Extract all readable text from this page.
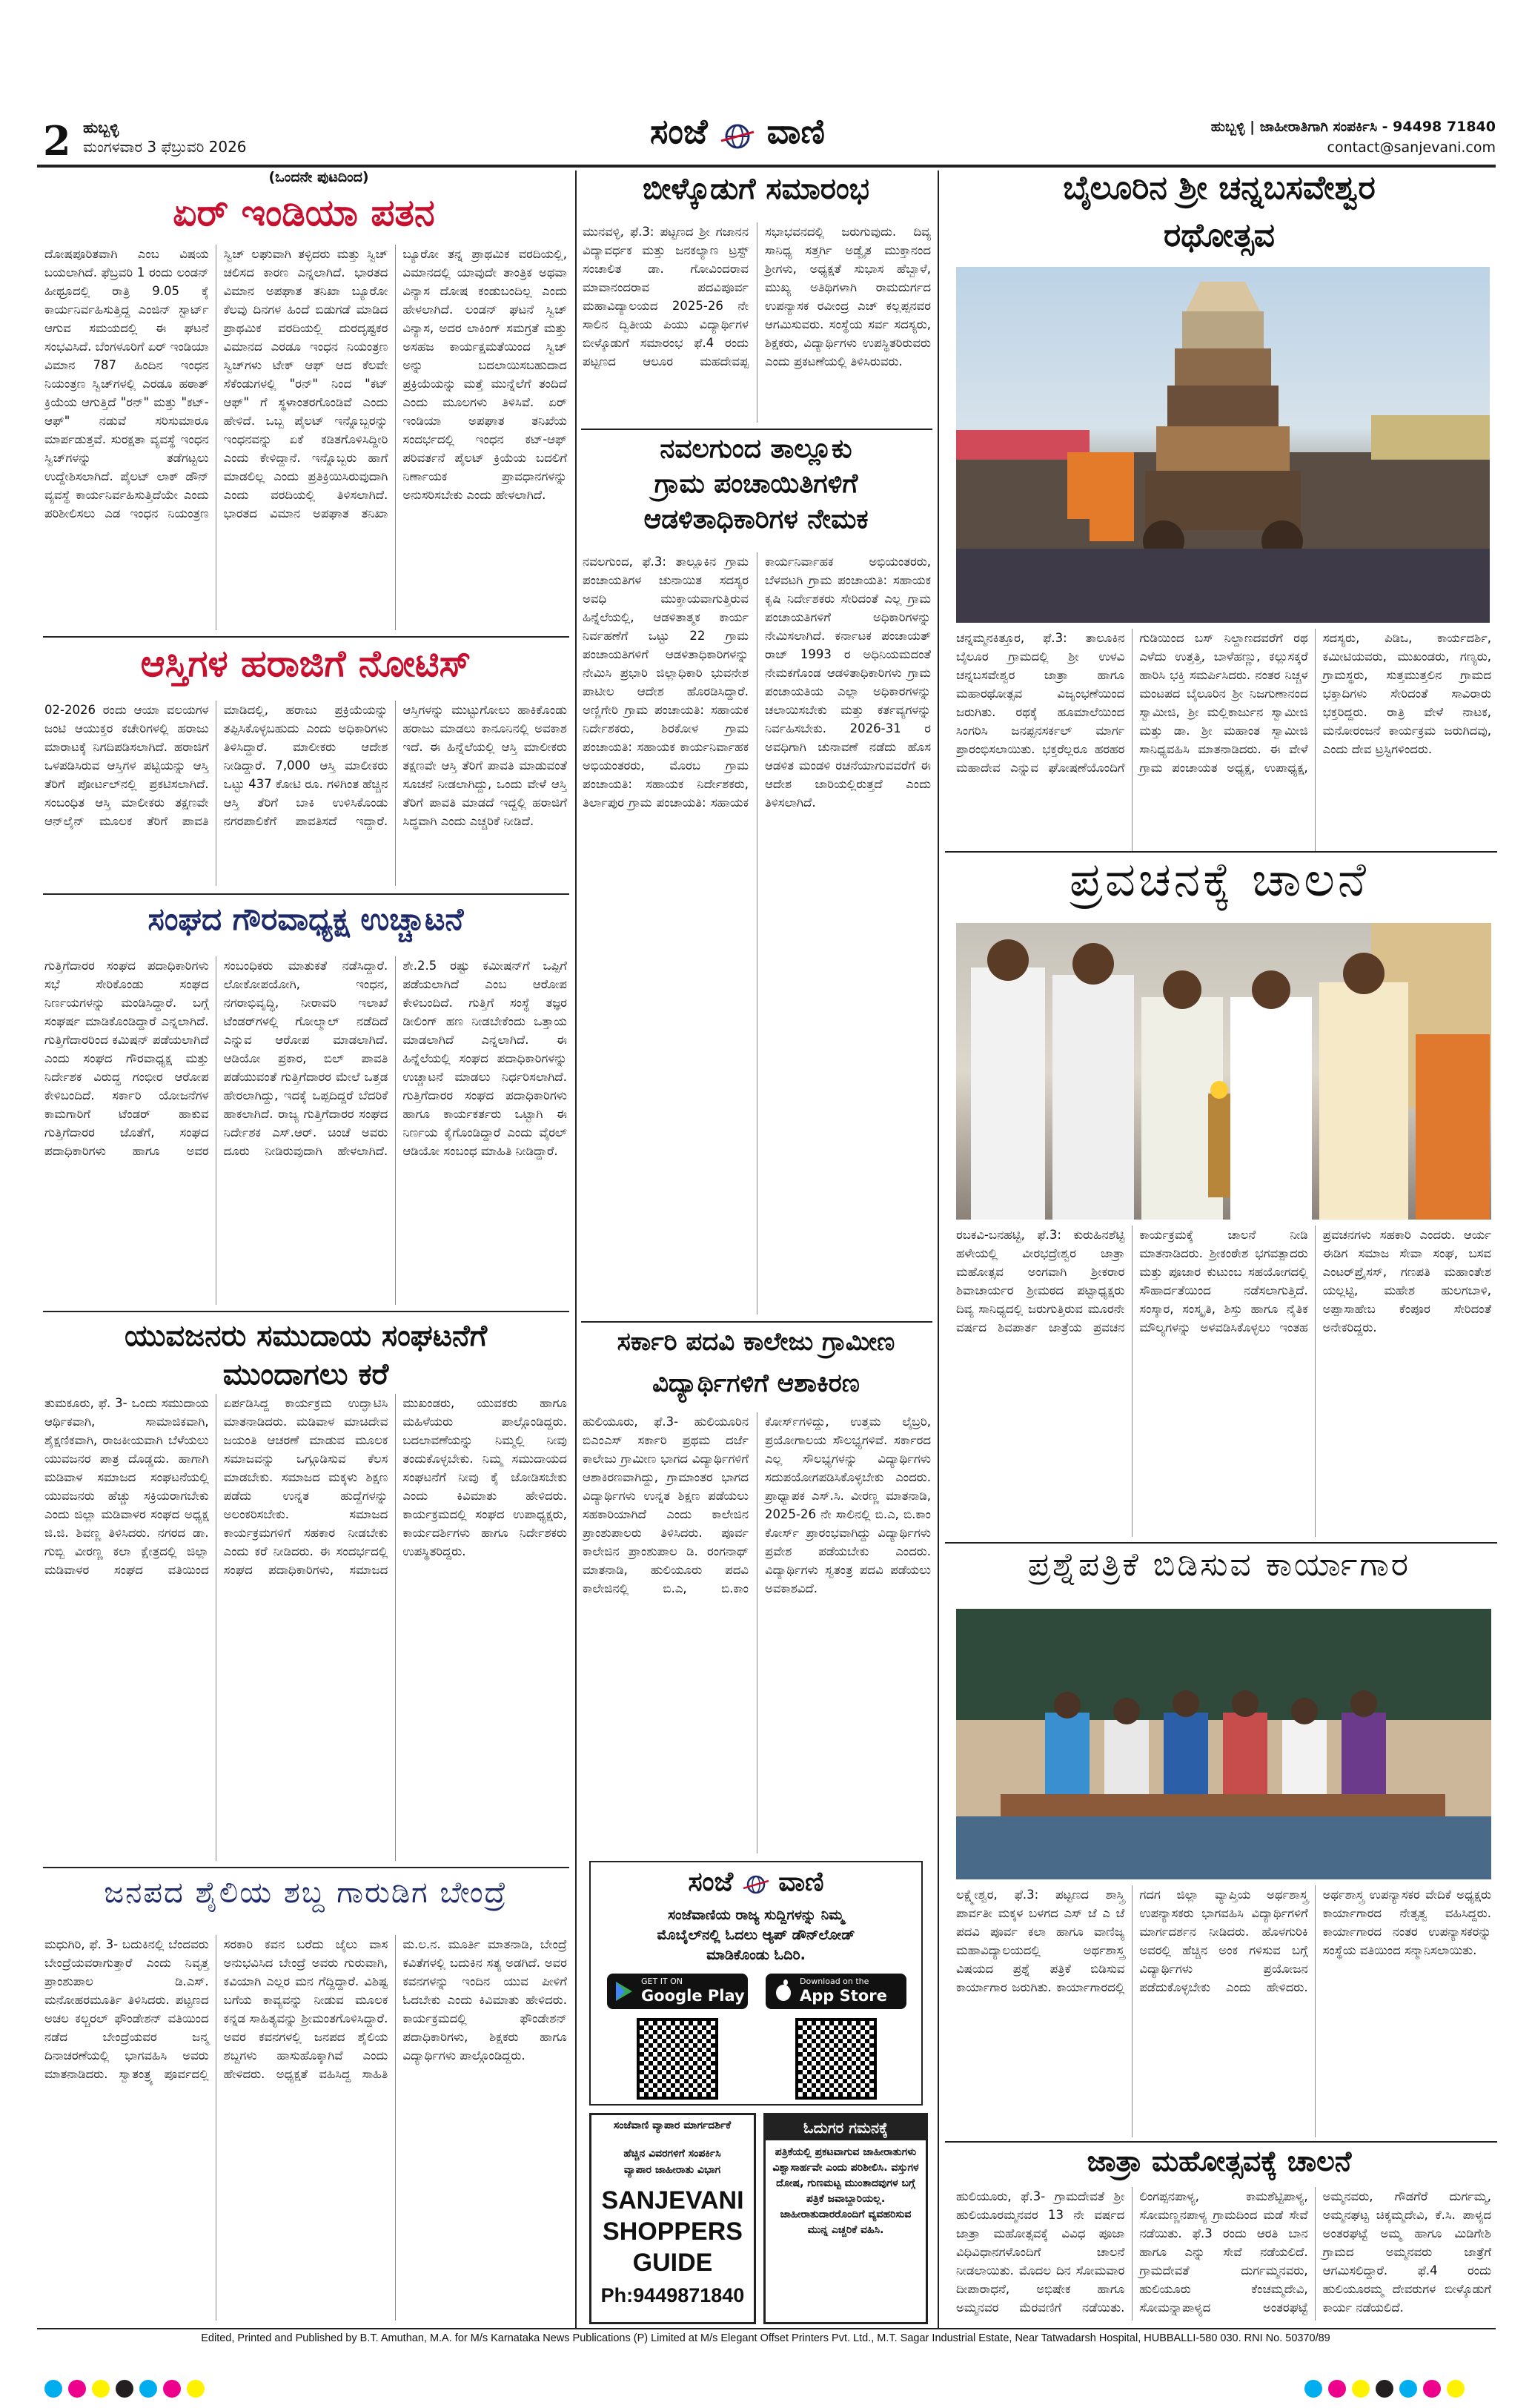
2 ಹುಬ್ಬಳ್ಳಿ
ಮಂಗಳವಾರ 3 ಫೆಬ್ರುವರಿ 2026	ಸಂಜೆ ವಾಣಿ	ಹುಬ್ಬಳ್ಳಿ | ಜಾಹೀರಾತಿಗಾಗಿ ಸಂಪರ್ಕಿಸಿ - 94498 71840
contact@sanjevani.com
(ಒಂದನೇ ಪುಟದಿಂದ)
ಏರ್ ಇಂಡಿಯಾ ಪತನ
ದೋಷಪೂರಿತವಾಗಿ ಎಂಬ ವಿಷಯ ಬಯಲಾಗಿದೆ. ಫೆಬ್ರವರಿ 1 ರಂದು ಲಂಡನ್ ಹೀಥ್ರೂದಲ್ಲಿ ರಾತ್ರಿ 9.05 ಕ್ಕೆ ಕಾರ್ಯನಿರ್ವಹಿಸುತ್ತಿದ್ದ ಎಂಜಿನ್ ಸ್ಟಾರ್ಟ್ ಆಗುವ ಸಮಯದಲ್ಲಿ ಈ ಘಟನೆ ಸಂಭವಿಸಿದೆ. ಬೆಂಗಳೂರಿಗೆ ಏರ್ ಇಂಡಿಯಾ ವಿಮಾನ 787 ಹಿಂದಿನ ಇಂಧನ ನಿಯಂತ್ರಣ ಸ್ವಿಚ್‌ಗಳಲ್ಲಿ ಎರಡೂ ಹಠಾತ್ ಕ್ರಿಯೆಯ ಆಗುತ್ತಿದೆ "ರನ್" ಮತ್ತು "ಕಟ್-ಆಫ್" ನಡುವೆ ಸರಿಸುಮಾರೂ ಮಾರ್ಪಡುತ್ತವೆ. ಸುರಕ್ಷತಾ ವ್ಯವಸ್ಥೆ ಇಂಧನ ಸ್ವಿಚ್‌ಗಳನ್ನು ತಡೆಗಟ್ಟಲು ಉದ್ದೇಶಿಸಲಾಗಿದೆ. ಪೈಲಟ್ ಲಾಕ್ ಡೌನ್ ವ್ಯವಸ್ಥೆ ಕಾರ್ಯನಿರ್ವಹಿಸುತ್ತಿದೆಯೇ ಎಂದು ಪರಿಶೀಲಿಸಲು ಎಡ ಇಂಧನ ನಿಯಂತ್ರಣ ಸ್ವಿಚ್ ಲಘುವಾಗಿ ತಳ್ಳಿದರು ಮತ್ತು ಸ್ವಿಚ್ ಚಲಿಸದ ಕಾರಣ ಎನ್ನಲಾಗಿದೆ. ಭಾರತದ ವಿಮಾನ ಅಪಘಾತ ತನಿಖಾ ಬ್ಯೂರೋ ಕೆಲವು ದಿನಗಳ ಹಿಂದೆ ಬಿಡುಗಡೆ ಮಾಡಿದ ಪ್ರಾಥಮಿಕ ವರದಿಯಲ್ಲಿ ದುರದೃಷ್ಟಕರ ವಿಮಾನದ ಎರಡೂ ಇಂಧನ ನಿಯಂತ್ರಣ ಸ್ವಿಚ್‌ಗಳು ಟೇಕ್ ಆಫ್ ಆದ ಕೆಲವೇ ಸೆಕೆಂಡುಗಳಲ್ಲಿ "ರನ್" ನಿಂದ "ಕಟ್ ಆಫ್" ಗೆ ಸ್ಥಳಾಂತರಗೊಂಡಿವೆ ಎಂದು ಹೇಳಿದೆ. ಒಬ್ಬ ಪೈಲಟ್ ಇನ್ನೊಬ್ಬರನ್ನು ಇಂಧನವನ್ನು ಏಕೆ ಕಡಿತಗೊಳಿಸಿದ್ದೀರಿ ಎಂದು ಕೇಳಿದ್ದಾನೆ. ಇನ್ನೊಬ್ಬರು ಹಾಗೆ ಮಾಡಲಿಲ್ಲ ಎಂದು ಪ್ರತಿಕ್ರಿಯಿಸಿರುವುದಾಗಿ ಎಂದು ವರದಿಯಲ್ಲಿ ತಿಳಿಸಲಾಗಿದೆ. ಭಾರತದ ವಿಮಾನ ಅಪಘಾತ ತನಿಖಾ ಬ್ಯೂರೋ ತನ್ನ ಪ್ರಾಥಮಿಕ ವರದಿಯಲ್ಲಿ, ವಿಮಾನದಲ್ಲಿ ಯಾವುದೇ ತಾಂತ್ರಿಕ ಅಥವಾ ವಿನ್ಯಾಸ ದೋಷ ಕಂಡುಬಂದಿಲ್ಲ ಎಂದು ಹೇಳಲಾಗಿದೆ. ಲಂಡನ್ ಘಟನೆ ಸ್ವಿಚ್ ವಿನ್ಯಾಸ, ಅದರ ಲಾಕಿಂಗ್ ಸಮಗ್ರತೆ ಮತ್ತು ಅಸಹಜ ಕಾರ್ಯಕ್ಷಮತೆಯಿಂದ ಸ್ವಿಚ್ ಅನ್ನು ಬದಲಾಯಿಸಬಹುದಾದ ಪ್ರಕ್ರಿಯೆಯನ್ನು ಮತ್ತೆ ಮುನ್ನೆಲೆಗೆ ತಂದಿದೆ ಎಂದು ಮೂಲಗಳು ತಿಳಿಸಿವೆ. ಏರ್ ಇಂಡಿಯಾ ಅಪಘಾತ ತನಿಖೆಯ ಸಂದರ್ಭದಲ್ಲಿ ಇಂಧನ ಕಟ್-ಆಫ್ ಪರಿವರ್ತನೆ ಪೈಲಟ್ ಕ್ರಿಯೆಯ ಬದಲಿಗೆ ನಿರ್ಣಾಯಕ ಪ್ರಾವಧಾನಗಳನ್ನು ಅನುಸರಿಸಬೇಕು ಎಂದು ಹೇಳಲಾಗಿದೆ.
ಆಸ್ತಿಗಳ ಹರಾಜಿಗೆ ನೋಟಿಸ್
02-2026 ರಂದು ಆಯಾ ವಲಯಗಳ ಜಂಟಿ ಆಯುಕ್ತರ ಕಚೇರಿಗಳಲ್ಲಿ ಹರಾಜು ಮಾರಾಟಕ್ಕೆ ನಿಗದಿಪಡಿಸಲಾಗಿದೆ. ಹರಾಜಿಗೆ ಒಳಪಡಿಸಿರುವ ಆಸ್ತಿಗಳ ಪಟ್ಟಿಯನ್ನು ಆಸ್ತಿ ತೆರಿಗೆ ಪೋರ್ಟಲ್‌ನಲ್ಲಿ ಪ್ರಕಟಿಸಲಾಗಿದೆ. ಸಂಬಂಧಿತ ಆಸ್ತಿ ಮಾಲೀಕರು ತಕ್ಷಣವೇ ಆನ್‌ಲೈನ್ ಮೂಲಕ ತೆರಿಗೆ ಪಾವತಿ ಮಾಡಿದಲ್ಲಿ, ಹರಾಜು ಪ್ರಕ್ರಿಯೆಯನ್ನು ತಪ್ಪಿಸಿಕೊಳ್ಳಬಹುದು ಎಂದು ಅಧಿಕಾರಿಗಳು ತಿಳಿಸಿದ್ದಾರೆ. ಮಾಲೀಕರು ಆದೇಶ ನೀಡಿದ್ದಾರೆ. 7,000 ಆಸ್ತಿ ಮಾಲೀಕರು ಒಟ್ಟು 437 ಕೋಟಿ ರೂ. ಗಳಿಗಿಂತ ಹೆಚ್ಚಿನ ಆಸ್ತಿ ತೆರಿಗೆ ಬಾಕಿ ಉಳಿಸಿಕೊಂಡು ನಗರಪಾಲಿಕೆಗೆ ಪಾವತಿಸದೆ ಇದ್ದಾರೆ. ಆಸ್ತಿಗಳನ್ನು ಮುಟ್ಟುಗೋಲು ಹಾಕಿಕೊಂಡು ಹರಾಜು ಮಾಡಲು ಕಾನೂನಿನಲ್ಲಿ ಅವಕಾಶ ಇದೆ. ಈ ಹಿನ್ನೆಲೆಯಲ್ಲಿ ಆಸ್ತಿ ಮಾಲೀಕರು ತಕ್ಷಣವೇ ಆಸ್ತಿ ತೆರಿಗೆ ಪಾವತಿ ಮಾಡುವಂತೆ ಸೂಚನೆ ನೀಡಲಾಗಿದ್ದು, ಒಂದು ವೇಳೆ ಆಸ್ತಿ ತೆರಿಗೆ ಪಾವತಿ ಮಾಡದೆ ಇದ್ದಲ್ಲಿ ಹರಾಜಿಗೆ ಸಿದ್ಧವಾಗಿ ಎಂದು ಎಚ್ಚರಿಕೆ ನೀಡಿದೆ.
ಸಂಘದ ಗೌರವಾಧ್ಯಕ್ಷ ಉಚ್ಚಾಟನೆ
ಗುತ್ತಿಗೆದಾರರ ಸಂಘದ ಪದಾಧಿಕಾರಿಗಳು ಸಭೆ ಸೇರಿಕೊಂಡು ಸಂಘದ ನಿರ್ಣಯಗಳನ್ನು ಮಂಡಿಸಿದ್ದಾರೆ. ಬಗ್ಗೆ ಸಂಘರ್ಷ ಮಾಡಿಕೊಂಡಿದ್ದಾರೆ ಎನ್ನಲಾಗಿದೆ. ಗುತ್ತಿಗೆದಾರರಿಂದ ಕಮಿಷನ್ ಪಡೆಯಲಾಗಿದೆ ಎಂದು ಸಂಘದ ಗೌರವಾಧ್ಯಕ್ಷ ಮತ್ತು ನಿರ್ದೇಶಕ ವಿರುದ್ಧ ಗಂಭೀರ ಆರೋಪ ಕೇಳಿಬಂದಿದೆ. ಸರ್ಕಾರಿ ಯೋಜನೆಗಳ ಕಾಮಗಾರಿಗೆ ಟೆಂಡರ್ ಹಾಕುವ ಗುತ್ತಿಗೆದಾರರ ಜೊತೆಗೆ, ಸಂಘದ ಪದಾಧಿಕಾರಿಗಳು ಹಾಗೂ ಅವರ ಸಂಬಂಧಿಕರು ಮಾತುಕತೆ ನಡೆಸಿದ್ದಾರೆ. ಲೋಕೋಪಯೋಗಿ, ಇಂಧನ, ನಗರಾಭಿವೃದ್ಧಿ, ನೀರಾವರಿ ಇಲಾಖೆ ಟೆಂಡರ್‌ಗಳಲ್ಲಿ ಗೋಲ್ಮಾಲ್ ನಡೆದಿದೆ ಎನ್ನುವ ಆರೋಪ ಮಾಡಲಾಗಿದೆ. ಆಡಿಯೋ ಪ್ರಕಾರ, ಬಿಲ್ ಪಾವತಿ ಪಡೆಯುವಂತೆ ಗುತ್ತಿಗೆದಾರರ ಮೇಲೆ ಒತ್ತಡ ಹೇರಲಾಗಿದ್ದು, ಇದಕ್ಕೆ ಒಪ್ಪದಿದ್ದರೆ ಬೆದರಿಕೆ ಹಾಕಲಾಗಿದೆ. ರಾಜ್ಯ ಗುತ್ತಿಗೆದಾರರ ಸಂಘದ ನಿರ್ದೇಶಕ ಎಸ್.ಆರ್. ಚಿಂಚೆ ಅವರು ದೂರು ನೀಡಿರುವುದಾಗಿ ಹೇಳಲಾಗಿದೆ. ಶೇ.2.5 ರಷ್ಟು ಕಮೀಷನ್‌ಗೆ ಒಪ್ಪಿಗೆ ಪಡೆಯಲಾಗಿದೆ ಎಂಬ ಆರೋಪ ಕೇಳಿಬಂದಿದೆ. ಗುತ್ತಿಗೆ ಸಂಸ್ಥೆ ತಜ್ಞರ ಡೀಲಿಂಗ್ ಹಣ ನೀಡಬೇಕೆಂದು ಒತ್ತಾಯ ಮಾಡಲಾಗಿದೆ ಎನ್ನಲಾಗಿದೆ. ಈ ಹಿನ್ನೆಲೆಯಲ್ಲಿ ಸಂಘದ ಪದಾಧಿಕಾರಿಗಳನ್ನು ಉಚ್ಚಾಟನೆ ಮಾಡಲು ನಿರ್ಧರಿಸಲಾಗಿದೆ. ಗುತ್ತಿಗೆದಾರರ ಸಂಘದ ಪದಾಧಿಕಾರಿಗಳು ಹಾಗೂ ಕಾರ್ಯಕರ್ತರು ಒಟ್ಟಾಗಿ ಈ ನಿರ್ಣಯ ಕೈಗೊಂಡಿದ್ದಾರೆ ಎಂದು ವೈರಲ್ ಆಡಿಯೋ ಸಂಬಂಧ ಮಾಹಿತಿ ನೀಡಿದ್ದಾರೆ.
ಯುವಜನರು ಸಮುದಾಯ ಸಂಘಟನೆಗೆ ಮುಂದಾಗಲು ಕರೆ
ತುಮಕೂರು, ಫೆ. 3- ಒಂದು ಸಮುದಾಯ ಆರ್ಥಿಕವಾಗಿ, ಸಾಮಾಜಿಕವಾಗಿ, ಶೈಕ್ಷಣಿಕವಾಗಿ, ರಾಜಕೀಯವಾಗಿ ಬೆಳೆಯಲು ಯುವಜನರ ಪಾತ್ರ ದೊಡ್ಡದು. ಹಾಗಾಗಿ ಮಡಿವಾಳ ಸಮಾಜದ ಸಂಘಟನೆಯಲ್ಲಿ ಯುವಜನರು ಹೆಚ್ಚು ಸಕ್ರಿಯರಾಗಬೇಕು ಎಂದು ಜಿಲ್ಲಾ ಮಡಿವಾಳರ ಸಂಘದ ಅಧ್ಯಕ್ಷ ಜಿ.ಜಿ. ಶಿವಣ್ಣ ತಿಳಿಸಿದರು. ನಗರದ ಡಾ. ಗುಬ್ಬಿ ವೀರಣ್ಣ ಕಲಾ ಕ್ಷೇತ್ರದಲ್ಲಿ ಜಿಲ್ಲಾ ಮಡಿವಾಳರ ಸಂಘದ ವತಿಯಿಂದ ಏರ್ಪಡಿಸಿದ್ದ ಕಾರ್ಯಕ್ರಮ ಉದ್ಘಾಟಿಸಿ ಮಾತನಾಡಿದರು. ಮಡಿವಾಳ ಮಾಚಿದೇವ ಜಯಂತಿ ಆಚರಣೆ ಮಾಡುವ ಮೂಲಕ ಸಮಾಜವನ್ನು ಒಗ್ಗೂಡಿಸುವ ಕೆಲಸ ಮಾಡಬೇಕು. ಸಮಾಜದ ಮಕ್ಕಳು ಶಿಕ್ಷಣ ಪಡೆದು ಉನ್ನತ ಹುದ್ದೆಗಳನ್ನು ಅಲಂಕರಿಸಬೇಕು. ಸಮಾಜದ ಕಾರ್ಯಕ್ರಮಗಳಿಗೆ ಸಹಕಾರ ನೀಡಬೇಕು ಎಂದು ಕರೆ ನೀಡಿದರು. ಈ ಸಂದರ್ಭದಲ್ಲಿ ಸಂಘದ ಪದಾಧಿಕಾರಿಗಳು, ಸಮಾಜದ ಮುಖಂಡರು, ಯುವಕರು ಹಾಗೂ ಮಹಿಳೆಯರು ಪಾಲ್ಗೊಂಡಿದ್ದರು. ಬದಲಾವಣೆಯನ್ನು ನಿಮ್ಮಲ್ಲಿ ನೀವು ತಂದುಕೊಳ್ಳಬೇಕು. ನಿಮ್ಮ ಸಮುದಾಯದ ಸಂಘಟನೆಗೆ ನೀವು ಕೈ ಜೋಡಿಸಬೇಕು ಎಂದು ಕಿವಿಮಾತು ಹೇಳಿದರು. ಕಾರ್ಯಕ್ರಮದಲ್ಲಿ ಸಂಘದ ಉಪಾಧ್ಯಕ್ಷರು, ಕಾರ್ಯದರ್ಶಿಗಳು ಹಾಗೂ ನಿರ್ದೇಶಕರು ಉಪಸ್ಥಿತರಿದ್ದರು.
ಜನಪದ ಶೈಲಿಯ ಶಬ್ದ ಗಾರುಡಿಗ ಬೇಂದ್ರೆ
ಮಧುಗಿರಿ, ಫೆ. 3- ಬದುಕಿನಲ್ಲಿ ಬೆಂದವರು ಬೇಂದ್ರೆಯವರಾಗುತ್ತಾರೆ ಎಂದು ನಿವೃತ್ತ ಪ್ರಾಂಶುಪಾಲ ಡಿ.ಎಸ್. ಮನೋಹರಮೂರ್ತಿ ತಿಳಿಸಿದರು. ಪಟ್ಟಣದ ಅಚಲ ಕಲ್ಚರಲ್ ಫೌಂಡೇಶನ್ ವತಿಯಿಂದ ನಡೆದ ಬೇಂದ್ರೆಯವರ ಜನ್ಮ ದಿನಾಚರಣೆಯಲ್ಲಿ ಭಾಗವಹಿಸಿ ಅವರು ಮಾತನಾಡಿದರು. ಸ್ವಾತಂತ್ರ್ಯ ಪೂರ್ವದಲ್ಲಿ ಸರಕಾರಿ ಕವನ ಬರೆದು ಜೈಲು ವಾಸ ಅನುಭವಿಸಿದ ಬೇಂದ್ರೆ ಅವರು ಗುರುವಾಗಿ, ಕವಿಯಾಗಿ ಎಲ್ಲರ ಮನ ಗೆದ್ದಿದ್ದಾರೆ. ವಿಶಿಷ್ಟ ಬಗೆಯ ಕಾವ್ಯವನ್ನು ನೀಡುವ ಮೂಲಕ ಕನ್ನಡ ಸಾಹಿತ್ಯವನ್ನು ಶ್ರೀಮಂತಗೊಳಿಸಿದ್ದಾರೆ. ಅವರ ಕವನಗಳಲ್ಲಿ ಜನಪದ ಶೈಲಿಯ ಶಬ್ದಗಳು ಹಾಸುಹೊಕ್ಕಾಗಿವೆ ಎಂದು ಹೇಳಿದರು. ಅಧ್ಯಕ್ಷತೆ ವಹಿಸಿದ್ದ ಸಾಹಿತಿ ಮ.ಲ.ನ. ಮೂರ್ತಿ ಮಾತನಾಡಿ, ಬೇಂದ್ರೆ ಕವಿತೆಗಳಲ್ಲಿ ಬದುಕಿನ ಸತ್ಯ ಅಡಗಿದೆ. ಅವರ ಕವನಗಳನ್ನು ಇಂದಿನ ಯುವ ಪೀಳಿಗೆ ಓದಬೇಕು ಎಂದು ಕಿವಿಮಾತು ಹೇಳಿದರು. ಕಾರ್ಯಕ್ರಮದಲ್ಲಿ ಫೌಂಡೇಶನ್ ಪದಾಧಿಕಾರಿಗಳು, ಶಿಕ್ಷಕರು ಹಾಗೂ ವಿದ್ಯಾರ್ಥಿಗಳು ಪಾಲ್ಗೊಂಡಿದ್ದರು.
ಬೀಳ್ಕೊಡುಗೆ ಸಮಾರಂಭ
ಮುನವಳ್ಳಿ, ಫೆ.3: ಪಟ್ಟಣದ ಶ್ರೀ ಗಜಾನನ ವಿದ್ಯಾವರ್ಧಕ ಮತ್ತು ಜನಕಲ್ಯಾಣ ಟ್ರಸ್ಟ್ ಸಂಚಾಲಿತ ಡಾ. ಗೋವಿಂದರಾವ ಮಾವಾನಂದರಾವ ಪದವಿಪೂರ್ವ ಮಹಾವಿದ್ಯಾಲಯದ 2025-26 ನೇ ಸಾಲಿನ ದ್ವಿತೀಯ ಪಿಯು ವಿದ್ಯಾರ್ಥಿಗಳ ಬೀಳ್ಕೊಡುಗೆ ಸಮಾರಂಭ ಫೆ.4 ರಂದು ಪಟ್ಟಣದ ಆಲೂರ ಮಹದೇವಪ್ಪ ಸಭಾಭವನದಲ್ಲಿ ಜರುಗುವುದು. ದಿವ್ಯ ಸಾನಿಧ್ಯ ಸತ್ತರ್ಗಿ ಅಡ್ವೈತ ಮುಕ್ತಾನಂದ ಶ್ರೀಗಳು, ಅಧ್ಯಕ್ಷತೆ ಸುಭಾಸ ಹೆಬ್ಬಾಳೆ, ಮುಖ್ಯ ಅತಿಥಿಗಳಾಗಿ ರಾಮದುರ್ಗದ ಉಪನ್ಯಾಸಕ ರವೀಂದ್ರ ಎಚ್ ಕಲ್ಲಪ್ಪನವರ ಆಗಮಿಸುವರು. ಸಂಸ್ಥೆಯ ಸರ್ವ ಸದಸ್ಯರು, ಶಿಕ್ಷಕರು, ವಿದ್ಯಾರ್ಥಿಗಳು ಉಪಸ್ಥಿತರಿರುವರು ಎಂದು ಪ್ರಕಟಣೆಯಲ್ಲಿ ತಿಳಿಸಿರುವರು.
ನವಲಗುಂದ ತಾಲ್ಲೂಕು
ಗ್ರಾಮ ಪಂಚಾಯಿತಿಗಳಿಗೆ
ಆಡಳಿತಾಧಿಕಾರಿಗಳ ನೇಮಕ
ನವಲಗುಂದ, ಫೆ.3: ತಾಲ್ಲೂಕಿನ ಗ್ರಾಮ ಪಂಚಾಯತಿಗಳ ಚುನಾಯಿತ ಸದಸ್ಯರ ಅವಧಿ ಮುಕ್ತಾಯವಾಗುತ್ತಿರುವ ಹಿನ್ನೆಲೆಯಲ್ಲಿ, ಆಡಳಿತಾತ್ಮಕ ಕಾರ್ಯ ನಿರ್ವಹಣೆಗೆ ಒಟ್ಟು 22 ಗ್ರಾಮ ಪಂಚಾಯತಿಗಳಿಗೆ ಆಡಳಿತಾಧಿಕಾರಿಗಳನ್ನು ನೇಮಿಸಿ ಪ್ರಭಾರಿ ಜಿಲ್ಲಾಧಿಕಾರಿ ಭುವನೇಶ ಪಾಟೀಲ ಆದೇಶ ಹೊರಡಿಸಿದ್ದಾರೆ. ಅಣ್ಣಿಗೇರಿ ಗ್ರಾಮ ಪಂಚಾಯತಿ: ಸಹಾಯಕ ನಿರ್ದೇಶಕರು, ಶಿರಕೋಳ ಗ್ರಾಮ ಪಂಚಾಯತಿ: ಸಹಾಯಕ ಕಾರ್ಯನಿರ್ವಾಹಕ ಅಭಿಯಂತರರು, ಮೊರಬ ಗ್ರಾಮ ಪಂಚಾಯತಿ: ಸಹಾಯಕ ನಿರ್ದೇಶಕರು, ತಿರ್ಲಾಪುರ ಗ್ರಾಮ ಪಂಚಾಯತಿ: ಸಹಾಯಕ ಕಾರ್ಯನಿರ್ವಾಹಕ ಅಭಿಯಂತರರು, ಬೆಳವಟಗಿ ಗ್ರಾಮ ಪಂಚಾಯತಿ: ಸಹಾಯಕ ಕೃಷಿ ನಿರ್ದೇಶಕರು ಸೇರಿದಂತೆ ಎಲ್ಲ ಗ್ರಾಮ ಪಂಚಾಯತಿಗಳಿಗೆ ಅಧಿಕಾರಿಗಳನ್ನು ನೇಮಿಸಲಾಗಿದೆ. ಕರ್ನಾಟಕ ಪಂಚಾಯತ್ ರಾಜ್ 1993 ರ ಅಧಿನಿಯಮದಂತೆ ನೇಮಕಗೊಂಡ ಆಡಳಿತಾಧಿಕಾರಿಗಳು ಗ್ರಾಮ ಪಂಚಾಯತಿಯ ಎಲ್ಲಾ ಅಧಿಕಾರಗಳನ್ನು ಚಲಾಯಿಸಬೇಕು ಮತ್ತು ಕರ್ತವ್ಯಗಳನ್ನು ನಿರ್ವಹಿಸಬೇಕು. 2026-31 ರ ಅವಧಿಗಾಗಿ ಚುನಾವಣೆ ನಡೆದು ಹೊಸ ಆಡಳಿತ ಮಂಡಳಿ ರಚನೆಯಾಗುವವರೆಗೆ ಈ ಆದೇಶ ಜಾರಿಯಲ್ಲಿರುತ್ತದೆ ಎಂದು ತಿಳಿಸಲಾಗಿದೆ.
ಸರ್ಕಾರಿ ಪದವಿ ಕಾಲೇಜು ಗ್ರಾಮೀಣ
ವಿದ್ಯಾರ್ಥಿಗಳಿಗೆ ಆಶಾಕಿರಣ
ಹುಲಿಯೂರು, ಫೆ.3- ಹುಲಿಯೂರಿನ ಬಿಎಂಎಸ್ ಸರ್ಕಾರಿ ಪ್ರಥಮ ದರ್ಜೆ ಕಾಲೇಜು ಗ್ರಾಮೀಣ ಭಾಗದ ವಿದ್ಯಾರ್ಥಿಗಳಿಗೆ ಆಶಾಕಿರಣವಾಗಿದ್ದು, ಗ್ರಾಮಾಂತರ ಭಾಗದ ವಿದ್ಯಾರ್ಥಿಗಳು ಉನ್ನತ ಶಿಕ್ಷಣ ಪಡೆಯಲು ಸಹಕಾರಿಯಾಗಿದೆ ಎಂದು ಕಾಲೇಜಿನ ಪ್ರಾಂಶುಪಾಲರು ತಿಳಿಸಿದರು. ಪೂರ್ವ ಕಾಲೇಜಿನ ಪ್ರಾಂಶುಪಾಲ ಡಿ. ರಂಗನಾಥ್ ಮಾತನಾಡಿ, ಹುಲಿಯೂರು ಪದವಿ ಕಾಲೇಜಿನಲ್ಲಿ ಬಿ.ಎ, ಬಿ.ಕಾಂ ಕೋರ್ಸ್‌ಗಳಿದ್ದು, ಉತ್ತಮ ಲೈಬ್ರರಿ, ಪ್ರಯೋಗಾಲಯ ಸೌಲಭ್ಯಗಳಿವೆ. ಸರ್ಕಾರದ ಎಲ್ಲ ಸೌಲಭ್ಯಗಳನ್ನು ವಿದ್ಯಾರ್ಥಿಗಳು ಸದುಪಯೋಗಪಡಿಸಿಕೊಳ್ಳಬೇಕು ಎಂದರು. ಪ್ರಾಧ್ಯಾಪಕ ಎಸ್.ಸಿ. ವೀರಣ್ಣ ಮಾತನಾಡಿ, 2025-26 ನೇ ಸಾಲಿನಲ್ಲಿ ಬಿ.ಎ, ಬಿ.ಕಾಂ ಕೋರ್ಸ್ ಪ್ರಾರಂಭವಾಗಿದ್ದು ವಿದ್ಯಾರ್ಥಿಗಳು ಪ್ರವೇಶ ಪಡೆಯಬೇಕು ಎಂದರು. ವಿದ್ಯಾರ್ಥಿಗಳು ಸ್ವತಂತ್ರ ಪದವಿ ಪಡೆಯಲು ಅವಕಾಶವಿದೆ.
ಸಂಜೆ ವಾಣಿ
ಸಂಜೆವಾಣಿಯ ರಾಜ್ಯ ಸುದ್ದಿಗಳನ್ನು ನಿಮ್ಮ
ಮೊಬೈಲ್‌ನಲ್ಲಿ ಓದಲು ಆ್ಯಪ್ ಡೌನ್‌ಲೋಡ್
ಮಾಡಿಕೊಂಡು ಓದಿರಿ.
GET IT ON
Google Play
Download on the
App Store
ಸಂಜೆವಾಣಿ ವ್ಯಾಪಾರ ಮಾರ್ಗದರ್ಶಿಕೆ
ಹೆಚ್ಚಿನ ವಿವರಗಳಿಗೆ ಸಂಪರ್ಕಿಸಿ
ವ್ಯಾಪಾರ ಜಾಹೀರಾತು ವಿಭಾಗ
SANJEVANI
SHOPPERS
GUIDE
Ph:9449871840
ಓದುಗರ ಗಮನಕ್ಕೆ
ಪತ್ರಿಕೆಯಲ್ಲಿ ಪ್ರಕಟವಾಗುವ ಜಾಹೀರಾತುಗಳು ವಿಶ್ವಾಸಾರ್ಹವೇ ಎಂದು ಪರಿಶೀಲಿಸಿ. ವಸ್ತುಗಳ ದೋಷ, ಗುಣಮಟ್ಟ ಮುಂತಾದವುಗಳ ಬಗ್ಗೆ ಪತ್ರಿಕೆ ಜವಾಬ್ದಾರಿಯಲ್ಲ. ಜಾಹೀರಾತುದಾರರೊಂದಿಗೆ ವ್ಯವಹರಿಸುವ ಮುನ್ನ ಎಚ್ಚರಿಕೆ ವಹಿಸಿ.
ಬೈಲೂರಿನ ಶ್ರೀ ಚನ್ನಬಸವೇಶ್ವರ
ರಥೋತ್ಸವ
ಚನ್ನಮ್ಮನಕಿತ್ತೂರ, ಫೆ.3: ತಾಲೂಕಿನ ಬೈಲೂರ ಗ್ರಾಮದಲ್ಲಿ ಶ್ರೀ ಉಳವಿ ಚನ್ನಬಸವೇಶ್ವರ ಜಾತ್ರಾ ಹಾಗೂ ಮಹಾರಥೋತ್ಸವ ವಿಜೃಂಭಣೆಯಿಂದ ಜರುಗಿತು. ರಥಕ್ಕೆ ಹೂಮಾಲೆಯಿಂದ ಸಿಂಗರಿಸಿ ಜನಪ್ಪನಸರ್ಕಲ್ ಮಾರ್ಗ ಪ್ರಾರಂಭಿಸಲಾಯಿತು. ಭಕ್ತರೆಲ್ಲರೂ ಹರಹರ ಮಹಾದೇವ ಎನ್ನುವ ಘೋಷಣೆಯೊಂದಿಗೆ ಗುಡಿಯಿಂದ ಬಸ್ ನಿಲ್ದಾಣದವರೆಗೆ ರಥ ಎಳೆದು ಉತ್ತತ್ತಿ, ಬಾಳೆಹಣ್ಣು, ಕಲ್ಲುಸಕ್ಕರೆ ಹಾರಿಸಿ ಭಕ್ತಿ ಸಮರ್ಪಿಸಿದರು. ನಂತರ ನಿಚ್ಚಳ ಮಂಟಪದ ಬೈಲೂರಿನ ಶ್ರೀ ನಿಜಗುಣಾನಂದ ಸ್ವಾಮೀಜಿ, ಶ್ರೀ ಮಲ್ಲಿಕಾರ್ಜುನ ಸ್ವಾಮೀಜಿ ಮತ್ತು ಡಾ. ಶ್ರೀ ಮಹಾಂತ ಸ್ವಾಮೀಜಿ ಸಾನಿಧ್ಯವಹಿಸಿ ಮಾತನಾಡಿದರು. ಈ ವೇಳೆ ಗ್ರಾಮ ಪಂಚಾಯತ ಅಧ್ಯಕ್ಷ, ಉಪಾಧ್ಯಕ್ಷ, ಸದಸ್ಯರು, ಪಿಡಿಒ, ಕಾರ್ಯದರ್ಶಿ, ಕಮೀಟಿಯವರು, ಮುಖಂಡರು, ಗಣ್ಯರು, ಗ್ರಾಮಸ್ಥರು, ಸುತ್ತಮುತ್ತಲಿನ ಗ್ರಾಮದ ಭಕ್ತಾದಿಗಳು ಸೇರಿದಂತೆ ಸಾವಿರಾರು ಭಕ್ತರಿದ್ದರು. ರಾತ್ರಿ ವೇಳೆ ನಾಟಕ, ಮನೋರಂಜನೆ ಕಾರ್ಯಕ್ರಮ ಜರುಗಿದವು, ಎಂದು ದೇವ ಟ್ರಸ್ಟಿಗಳಿಂದರು.
ಪ್ರವಚನಕ್ಕೆ ಚಾಲನೆ
ರಬಕವಿ-ಬನಹಟ್ಟಿ, ಫೆ.3: ಕುರುಹಿನಶೆಟ್ಟಿ ಹಳೇಯಲ್ಲಿ ವೀರಭದ್ರೇಶ್ವರ ಜಾತ್ರಾ ಮಹೋತ್ಸವ ಅಂಗವಾಗಿ ಶ್ರೀಕರಾರ ಶಿವಾಚಾರ್ಯರ ಶ್ರೀಮಠದ ಪಟ್ಟಾಧ್ಯಕ್ಷರು ದಿವ್ಯ ಸಾನಿಧ್ಯದಲ್ಲಿ ಜರುಗುತ್ತಿರುವ ಮೂರನೇ ವರ್ಷದ ಶಿವಪಾರ್ತ ಜಾತ್ರೆಯ ಪ್ರವಚನ ಕಾರ್ಯಕ್ರಮಕ್ಕೆ ಚಾಲನೆ ನೀಡಿ ಮಾತನಾಡಿದರು. ಶ್ರೀಕಂಠೇಶ ಭಗವತ್ಪಾದರು ಮತ್ತು ಪೂಜಾರ ಕುಟುಂಬ ಸಹಯೋಗದಲ್ಲಿ ಸೌಹಾರ್ದತೆಯಿಂದ ನಡೆಸಲಾಗುತ್ತಿದೆ. ಸಂಸ್ಕಾರ, ಸಂಸ್ಕೃತಿ, ಶಿಸ್ತು ಹಾಗೂ ನೈತಿಕ ಮೌಲ್ಯಗಳನ್ನು ಅಳವಡಿಸಿಕೊಳ್ಳಲು ಇಂತಹ ಪ್ರವಚನಗಳು ಸಹಕಾರಿ ಎಂದರು. ಆರ್ಯ ಈಡಿಗ ಸಮಾಜ ಸೇವಾ ಸಂಘ, ಬಸವ ಎಂಟರ್‌ಪ್ರೈಸಸ್, ಗಣಪತಿ ಮಹಾಂತೇಶ ಯಲ್ಲಟ್ಟಿ, ಮಹೇಶ ಹುಲಗಬಾಳಿ, ಅಪ್ಪಾಸಾಹೇಬ ಕೆಂಪೂರ ಸೇರಿದಂತೆ ಅನೇಕರಿದ್ದರು.
ಪ್ರಶ್ನೆಪತ್ರಿಕೆ ಬಿಡಿಸುವ ಕಾರ್ಯಾಗಾರ
ಲಕ್ಷ್ಮೇಶ್ವರ, ಫೆ.3: ಪಟ್ಟಣದ ಶಾಸ್ತ್ರಿ ಪಾರ್ವತೀ ಮಕ್ಕಳ ಬಳಗದ ಎಸ್ ಜೆ ಎ ಜೆ ಪದವಿ ಪೂರ್ವ ಕಲಾ ಹಾಗೂ ವಾಣಿಜ್ಯ ಮಹಾವಿದ್ಯಾಲಯದಲ್ಲಿ ಅರ್ಥಶಾಸ್ತ್ರ ವಿಷಯದ ಪ್ರಶ್ನೆ ಪತ್ರಿಕೆ ಬಿಡಿಸುವ ಕಾರ್ಯಾಗಾರ ಜರುಗಿತು. ಕಾರ್ಯಾಗಾರದಲ್ಲಿ ಗದಗ ಜಿಲ್ಲಾ ವ್ಯಾಪ್ತಿಯ ಅರ್ಥಶಾಸ್ತ್ರ ಉಪನ್ಯಾಸಕರು ಭಾಗವಹಿಸಿ ವಿದ್ಯಾರ್ಥಿಗಳಿಗೆ ಮಾರ್ಗದರ್ಶನ ನೀಡಿದರು. ಹೊಳಗುರಿಕಿ ಅವರಲ್ಲಿ ಹೆಚ್ಚಿನ ಅಂಕ ಗಳಿಸುವ ಬಗ್ಗೆ ವಿದ್ಯಾರ್ಥಿಗಳು ಪ್ರಯೋಜನ ಪಡೆದುಕೊಳ್ಳಬೇಕು ಎಂದು ಹೇಳಿದರು. ಅರ್ಥಶಾಸ್ತ್ರ ಉಪನ್ಯಾಸಕರ ವೇದಿಕೆ ಅಧ್ಯಕ್ಷರು ಕಾರ್ಯಾಗಾರದ ನೇತೃತ್ವ ವಹಿಸಿದ್ದರು. ಕಾರ್ಯಾಗಾರದ ನಂತರ ಉಪನ್ಯಾಸಕರನ್ನು ಸಂಸ್ಥೆಯ ವತಿಯಿಂದ ಸನ್ಮಾನಿಸಲಾಯಿತು.
ಜಾತ್ರಾ ಮಹೋತ್ಸವಕ್ಕೆ ಚಾಲನೆ
ಹುಲಿಯೂರು, ಫೆ.3- ಗ್ರಾಮದೇವತೆ ಶ್ರೀ ಹುಲಿಯೂರಮ್ಮನವರ 13 ನೇ ವರ್ಷದ ಜಾತ್ರಾ ಮಹೋತ್ಸವಕ್ಕೆ ವಿವಿಧ ಪೂಜಾ ವಿಧಿವಿಧಾನಗಳೊಂದಿಗೆ ಚಾಲನೆ ನೀಡಲಾಯಿತು. ಮೊದಲ ದಿನ ಸೋಮವಾರ ದೀಪಾರಾಧನೆ, ಅಭಿಷೇಕ ಹಾಗೂ ಅಮ್ಮನವರ ಮೆರವಣಿಗೆ ನಡೆಯಿತು. ಲಿಂಗಪ್ಪನಪಾಳ್ಯ, ಕಾಮಶೆಟ್ಟಿಪಾಳ್ಯ, ಸೋಮಣ್ಣನಪಾಳ್ಯ ಗ್ರಾಮದಿಂದ ಮಡೆ ಸೇವೆ ನಡೆಯಿತು. ಫೆ.3 ರಂದು ಆರತಿ ಬಾನ ಹಾಗೂ ಎನ್ನು ಸೇವೆ ನಡೆಯಲಿದೆ. ಗ್ರಾಮದೇವತೆ ದುರ್ಗಮ್ಮನವರು, ಹುಲಿಯೂರು ಕೆಂಚಮ್ಮದೇವಿ, ಸೋಮನ್ನಾಪಾಳ್ಯದ ಅಂತರಘಟ್ಟೆ ಅಮ್ಮನವರು, ಗೌಡಗೆರೆ ದುರ್ಗಮ್ಮ, ಅಮ್ಮನಘಟ್ಟ ಚಿಕ್ಕಮ್ಮದೇವಿ, ಕೆ.ಸಿ. ಪಾಳ್ಯದ ಅಂತರಘಟ್ಟೆ ಅಮ್ಮ ಹಾಗೂ ಮಿಡಿಗೇಶಿ ಗ್ರಾಮದ ಅಮ್ಮನವರು ಜಾತ್ರೆಗೆ ಆಗಮಿಸಲಿದ್ದಾರೆ. ಫೆ.4 ರಂದು ಹುಲಿಯೂರಮ್ಮ ದೇವರುಗಳ ಬೀಳ್ಕೊಡುಗೆ ಕಾರ್ಯ ನಡೆಯಲಿದೆ.
Edited, Printed and Published by B.T. Amuthan, M.A. for M/s Karnataka News Publications (P) Limited at M/s Elegant Offset Printers Pvt. Ltd., M.T. Sagar Industrial Estate, Near Tatwadarsh Hospital, HUBBALLI-580 030. RNI No. 50370/89
